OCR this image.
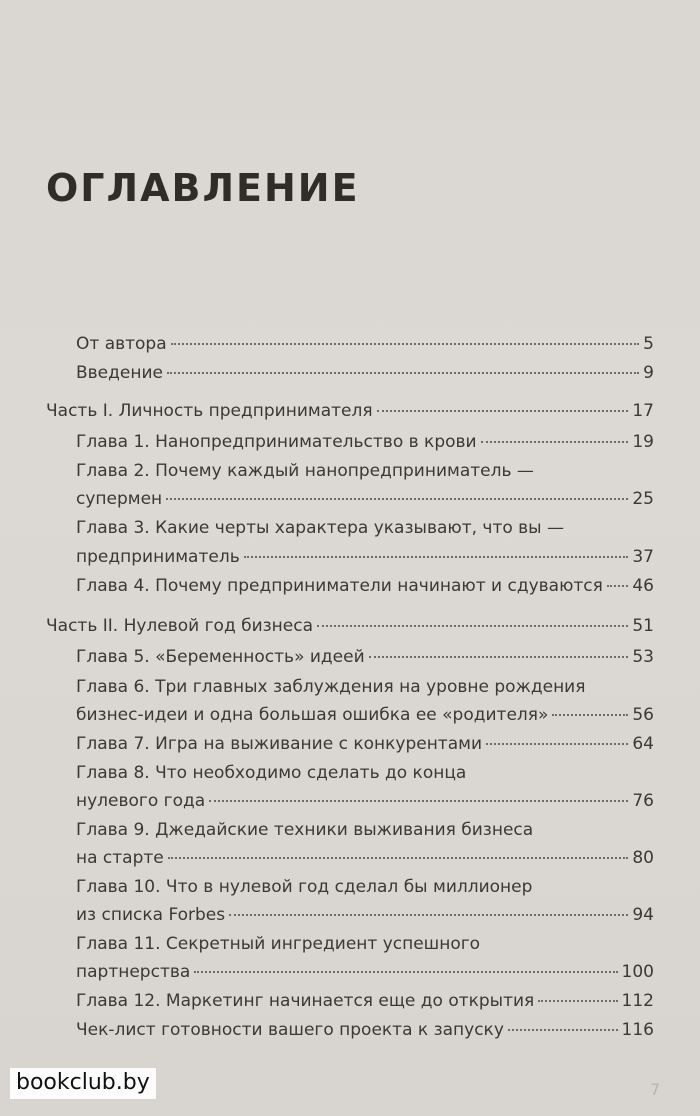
ОГЛАВЛЕНИЕ
От автора	5
Введение	9
Часть I. Личность предпринимателя	17
Глава 1. Нанопредпринимательство в крови	19
Глава 2. Почему каждый нанопредприниматель —
супермен	25
Глава 3. Какие черты характера указывают, что вы —
предприниматель	37
Глава 4. Почему предприниматели начинают и сдуваются 46
Часть II. Нулевой год бизнеса	51
Глава 5. «Беременность» идеей	53
Глава 6. Три главных заблуждения на уровне рождения
бизнес-идеи и одна большая ошибка ее «родителя»	56
Глава 7. Игра на выживание с конкурентами	64
Глава 8. Что необходимо сделать до конца
нулевого года	76
Глава 9. Джедайские техники выживания бизнеса
на старте	80
Глава 10. Что в нулевой год сделал бы миллионер
из списка Forbes	94
Глава 11. Секретный ингредиент успешного
партнерства	100
Глава 12. Маркетинг начинается еще до открытия	112
Чек-лист готовности вашего проекта к запуску	116
7
bookclub.by
